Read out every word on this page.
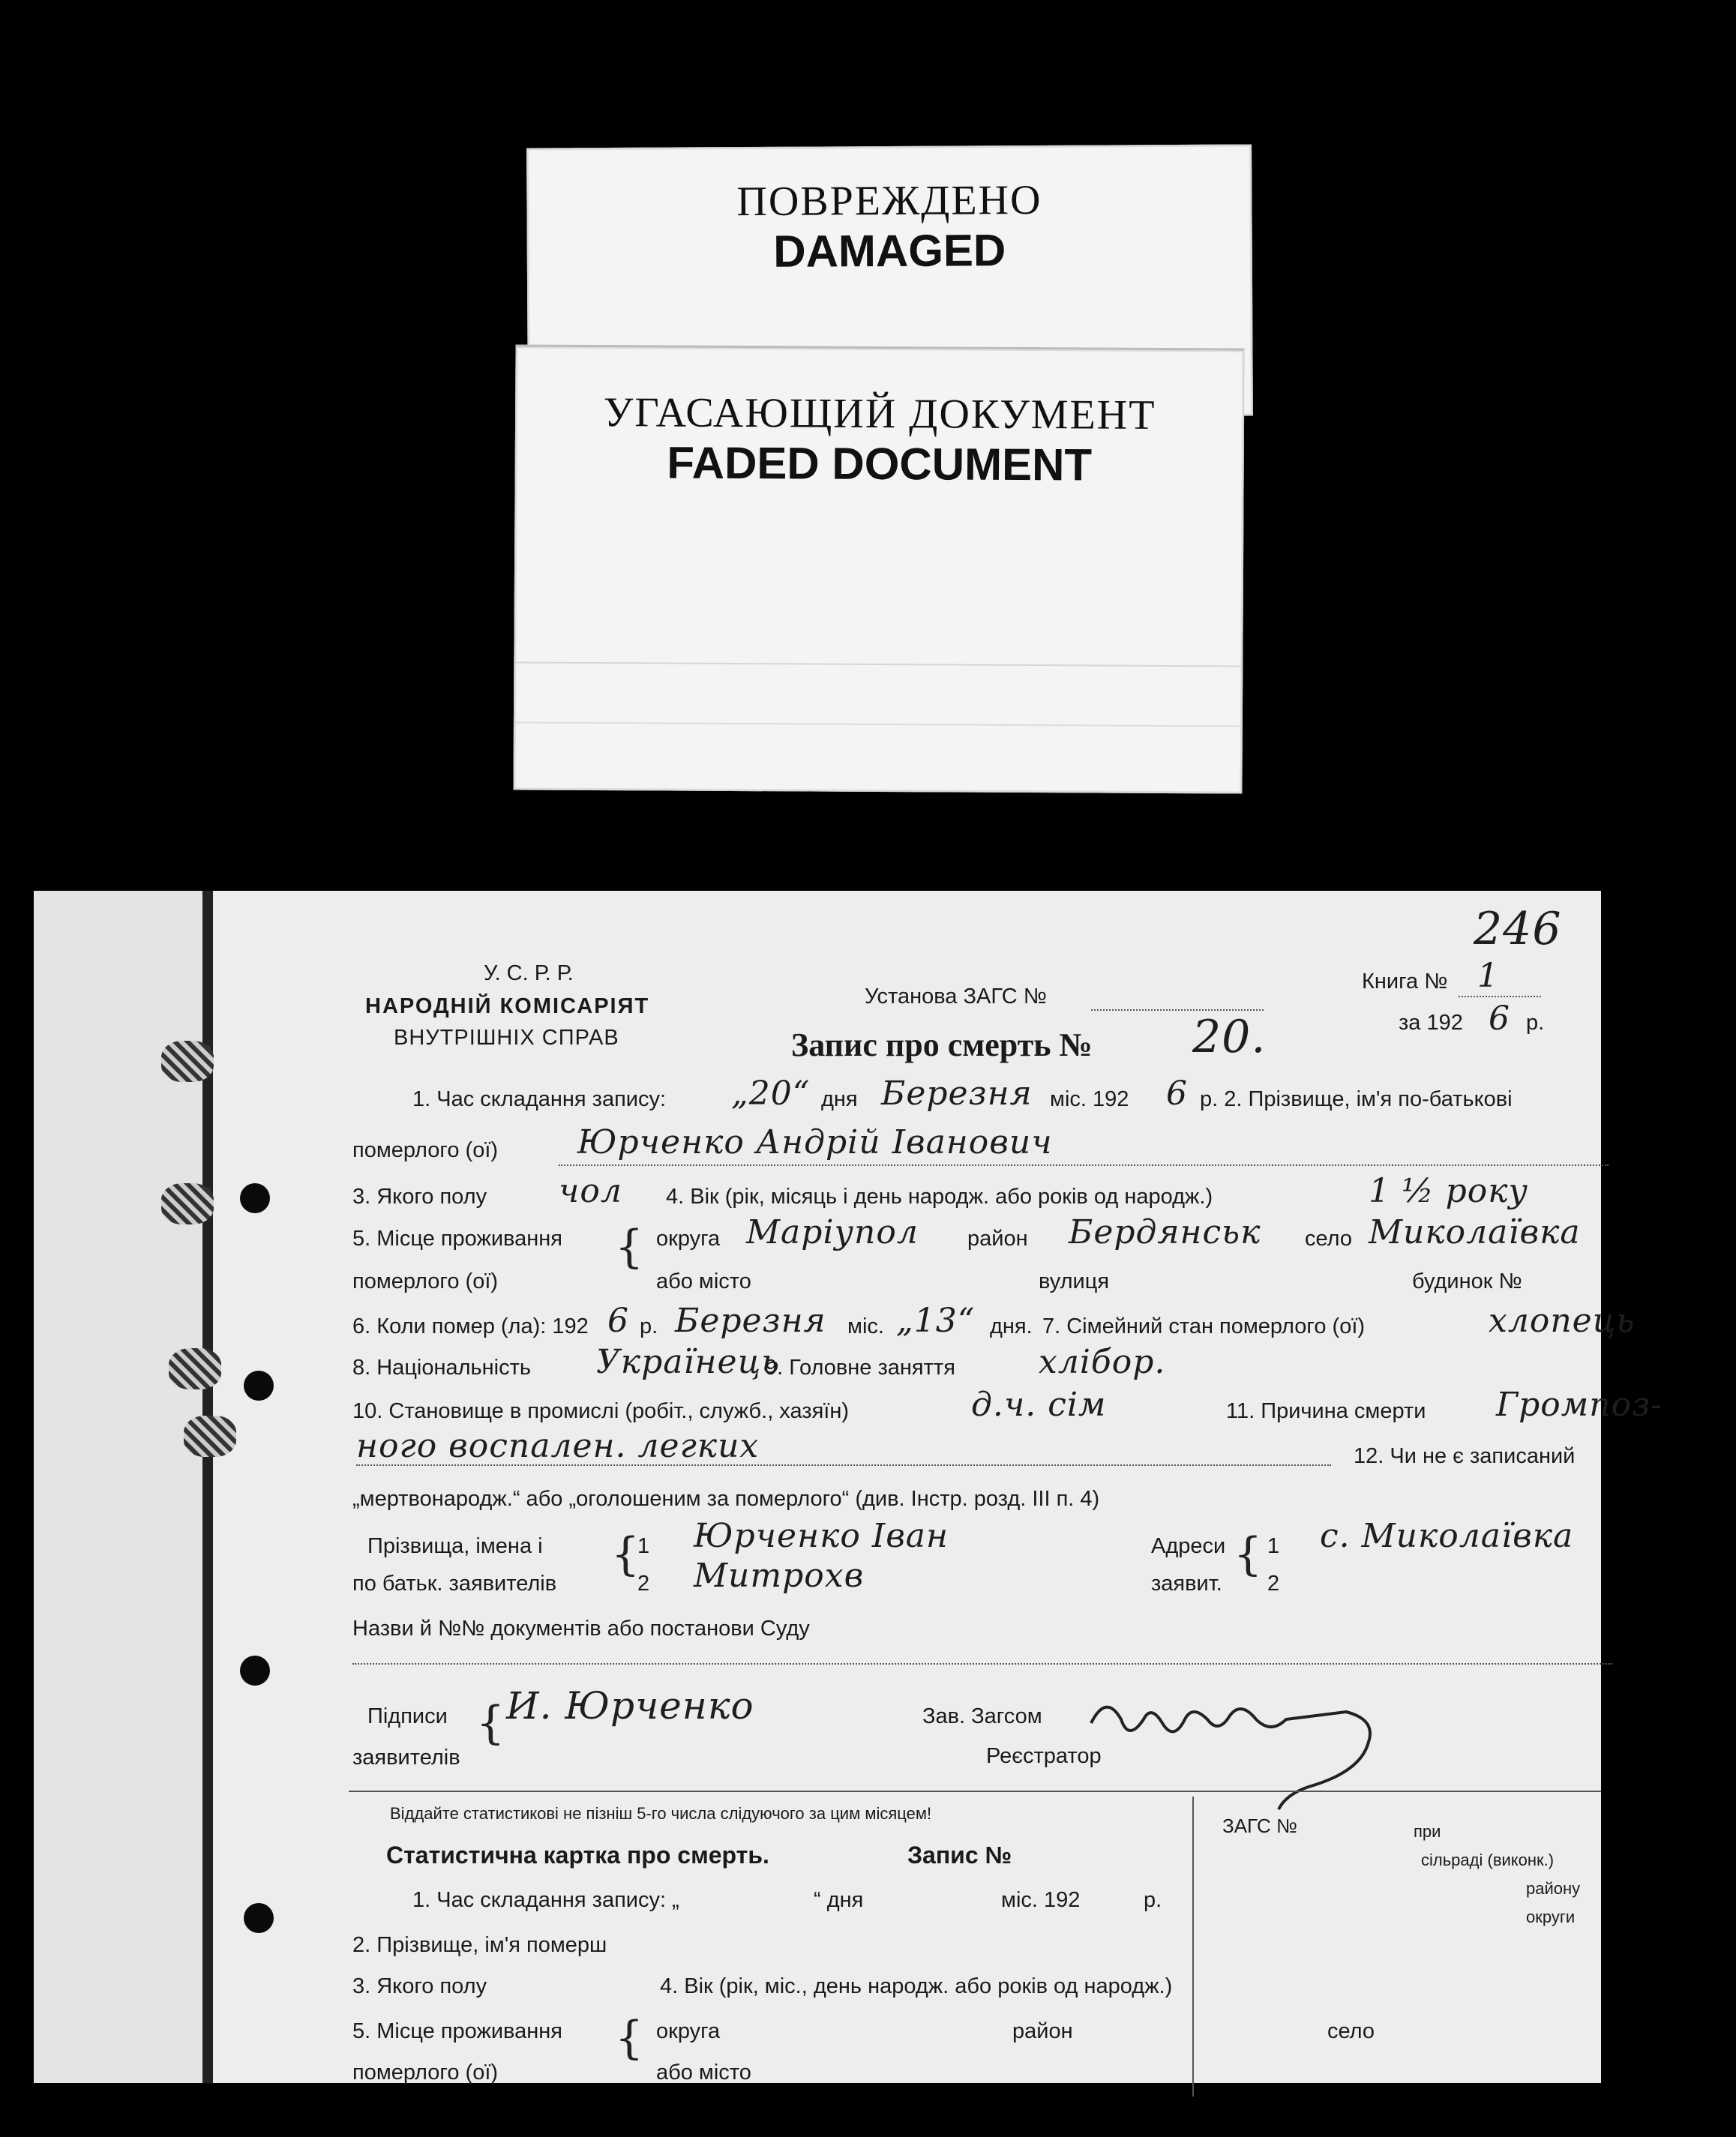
ПОВРЕЖДЕНО
DAMAGED
УГАСАЮЩИЙ ДОКУМЕНТ
FADED DOCUMENT
У. С. Р. Р.
НАРОДНІЙ КОМІСАРІЯТ
ВНУТРІШНІХ СПРАВ
Установа ЗАГС №
Книга № 1
246
за 192 6 р.
Запис про смерть № 20.
1. Час складання запису: „20“ дня Березня міс. 192 6 р. 2. Прізвище, ім'я по-батькові
померлого (ої) Юрченко Андрій Іванович
3. Якого полу чол 4. Вік (рік, місяць і день народж. або років од народж.)	1 ½ року
5. Місце проживання
померлого (ої)
{ округа Маріупол район Бердянськ село Миколаївка
або місто	вулиця	будинок №
6. Коли помер (ла): 192 6 р. Березня міс. „13“ дня. 7. Сімейний стан померлого (ої)	хлопець
8. Національність Українець
9. Головне заняття	хлібор.
10. Становище в промислі (робіт., служб., хазяїн)	д.ч. сім	11. Причина смерти Громпоз-
ного воспален. легких	12. Чи не є записаний
„мертвонародж.“ або „оголошеним за померлого“ (див. Інстр. розд. III п. 4)
Прізвища, імена і
по батьк. заявителів
{
1 Юрченко Іван
2 Митрохв
Адреси
заявит.
{ 1 с. Миколаївка
2
Назви й №№ документів або постанови Суду
Підписи
заявителів
{ И. Юрченко	Зав. Загсом
Реєстратор
Віддайте статистикові не пізніш 5-го числа слідуючого за цим місяцем!
Статистична картка про смерть.	Запис №
ЗАГС №	при
сільраді (виконк.)
району
округи
1. Час складання запису: „	“ дня	міс. 192	р.
2. Прізвище, ім'я померш
3. Якого полу	4. Вік (рік, міс., день народж. або років од народж.)
5. Місце проживання
померлого (ої)
{ округа	район	село
або місто
